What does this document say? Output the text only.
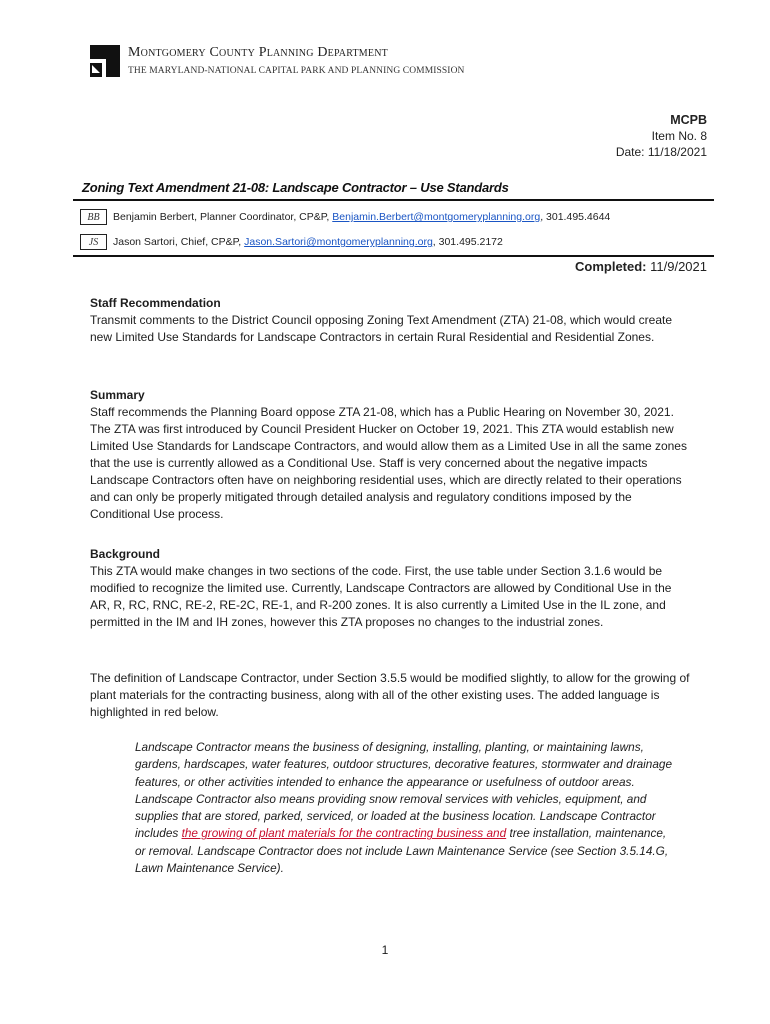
Montgomery County Planning Department
THE MARYLAND-NATIONAL CAPITAL PARK AND PLANNING COMMISSION
MCPB
Item No. 8
Date: 11/18/2021
Zoning Text Amendment 21-08: Landscape Contractor – Use Standards
BB	Benjamin Berbert, Planner Coordinator, CP&P, Benjamin.Berbert@montgomeryplanning.org, 301.495.4644
JS	Jason Sartori, Chief, CP&P, Jason.Sartori@montgomeryplanning.org, 301.495.2172
Completed: 11/9/2021
Staff Recommendation

Transmit comments to the District Council opposing Zoning Text Amendment (ZTA) 21-08, which would create new Limited Use Standards for Landscape Contractors in certain Rural Residential and Residential Zones.

Summary

Staff recommends the Planning Board oppose ZTA 21-08, which has a Public Hearing on November 30, 2021. The ZTA was first introduced by Council President Hucker on October 19, 2021. This ZTA would establish new Limited Use Standards for Landscape Contractors, and would allow them as a Limited Use in all the same zones that the use is currently allowed as a Conditional Use. Staff is very concerned about the negative impacts Landscape Contractors often have on neighboring residential uses, which are directly related to their operations and can only be properly mitigated through detailed analysis and regulatory conditions imposed by the Conditional Use process.

Background

This ZTA would make changes in two sections of the code. First, the use table under Section 3.1.6 would be modified to recognize the limited use. Currently, Landscape Contractors are allowed by Conditional Use in the AR, R, RC, RNC, RE-2, RE-2C, RE-1, and R-200 zones. It is also currently a Limited Use in the IL zone, and permitted in the IM and IH zones, however this ZTA proposes no changes to the industrial zones.

The definition of Landscape Contractor, under Section 3.5.5 would be modified slightly, to allow for the growing of plant materials for the contracting business, along with all of the other existing uses. The added language is highlighted in red below.

Landscape Contractor means the business of designing, installing, planting, or maintaining lawns, gardens, hardscapes, water features, outdoor structures, decorative features, stormwater and drainage features, or other activities intended to enhance the appearance or usefulness of outdoor areas. Landscape Contractor also means providing snow removal services with vehicles, equipment, and supplies that are stored, parked, serviced, or loaded at the business location. Landscape Contractor includes the growing of plant materials for the contracting business and tree installation, maintenance, or removal. Landscape Contractor does not include Lawn Maintenance Service (see Section 3.5.14.G, Lawn Maintenance Service).
1
